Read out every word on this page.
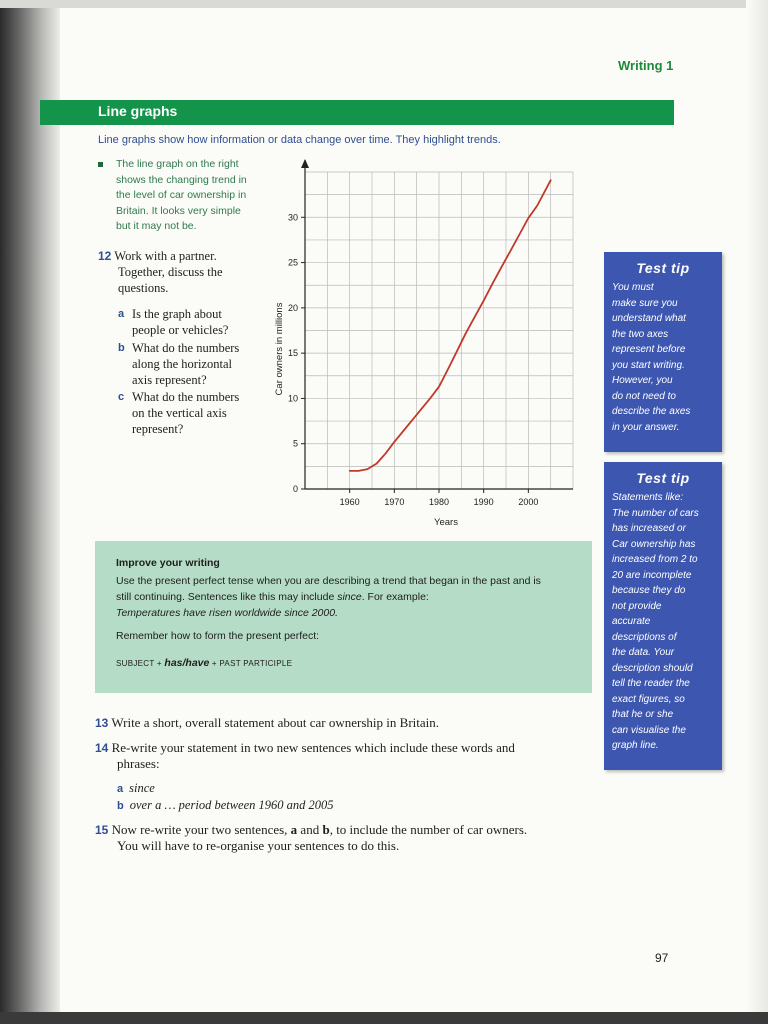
Writing 1
Line graphs
Line graphs show how information or data change over time. They highlight trends.
The line graph on the right
shows the changing trend in
the level of car ownership in
Britain. It looks very simple
but it may not be.
12 Work with a partner.
Together, discuss the
questions.
a Is the graph about
people or vehicles?
b What do the numbers
along the horizontal
axis represent?
c What do the numbers
on the vertical axis
represent?
0
5
10
15
20
25
30
1960	1970	1980	1990	2000
Car owners in millions
Years
Improve your writing
Use the present perfect tense when you are describing a trend that began in the past and is
still continuing. Sentences like this may include since. For example:
Temperatures have risen worldwide since 2000.
Remember how to form the present perfect:
SUBJECT + has/have + PAST PARTICIPLE
13 Write a short, overall statement about car ownership in Britain.
14 Re-write your statement in two new sentences which include these words and
phrases:
a since
b over a … period between 1960 and 2005
15 Now re-write your two sentences, a and b, to include the number of car owners.
You will have to re-organise your sentences to do this.
Test tip
You must
make sure you
understand what
the two axes
represent before
you start writing.
However, you
do not need to
describe the axes
in your answer.
Test tip
Statements like:
The number of cars
has increased or
Car ownership has
increased from 2 to
20 are incomplete
because they do
not provide
accurate
descriptions of
the data. Your
description should
tell the reader the
exact figures, so
that he or she
can visualise the
graph line.
97
